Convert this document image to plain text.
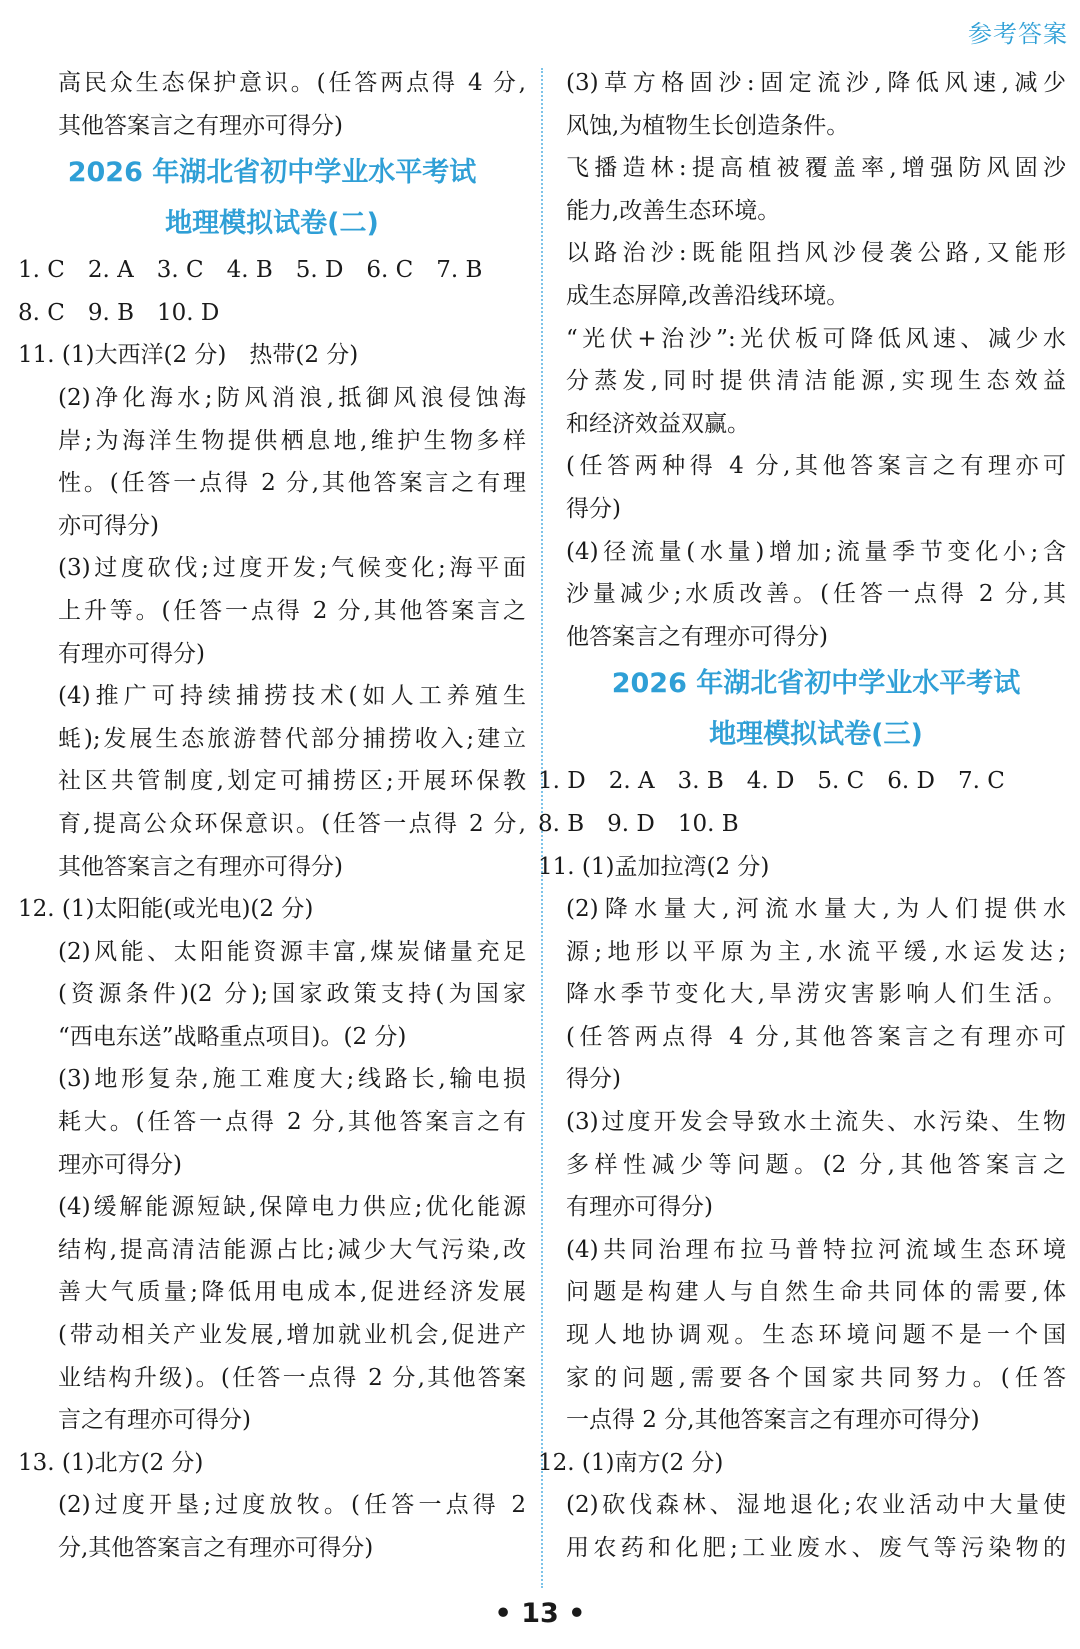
参考答案
高民众生态保护意识。(任答两点得 4 分,
其他答案言之有理亦可得分)
2026 年湖北省初中学业水平考试
地理模拟试卷(二)
1. C　2. A　3. C　4. B　5. D　6. C　7. B
8. C　9. B　10. D
11. (1)大西洋(2 分)　热带(2 分)
(2)净化海水;防风消浪,抵御风浪侵蚀海
岸;为海洋生物提供栖息地,维护生物多样
性。(任答一点得 2 分,其他答案言之有理
亦可得分)
(3)过度砍伐;过度开发;气候变化;海平面
上升等。(任答一点得 2 分,其他答案言之
有理亦可得分)
(4)推广可持续捕捞技术(如人工养殖生
蚝);发展生态旅游替代部分捕捞收入;建立
社区共管制度,划定可捕捞区;开展环保教
育,提高公众环保意识。(任答一点得 2 分,
其他答案言之有理亦可得分)
12. (1)太阳能(或光电)(2 分)
(2)风能、太阳能资源丰富,煤炭储量充足
(资源条件)(2 分);国家政策支持(为国家
“西电东送”战略重点项目)。(2 分)
(3)地形复杂,施工难度大;线路长,输电损
耗大。(任答一点得 2 分,其他答案言之有
理亦可得分)
(4)缓解能源短缺,保障电力供应;优化能源
结构,提高清洁能源占比;减少大气污染,改
善大气质量;降低用电成本,促进经济发展
(带动相关产业发展,增加就业机会,促进产
业结构升级)。(任答一点得 2 分,其他答案
言之有理亦可得分)
13. (1)北方(2 分)
(2)过度开垦;过度放牧。(任答一点得 2
分,其他答案言之有理亦可得分)
(3)草方格固沙:固定流沙,降低风速,减少
风蚀,为植物生长创造条件。
飞播造林:提高植被覆盖率,增强防风固沙
能力,改善生态环境。
以路治沙:既能阻挡风沙侵袭公路,又能形
成生态屏障,改善沿线环境。
“光伏+治沙”:光伏板可降低风速、减少水
分蒸发,同时提供清洁能源,实现生态效益
和经济效益双赢。
(任答两种得 4 分,其他答案言之有理亦可
得分)
(4)径流量(水量)增加;流量季节变化小;含
沙量减少;水质改善。(任答一点得 2 分,其
他答案言之有理亦可得分)
2026 年湖北省初中学业水平考试
地理模拟试卷(三)
1. D　2. A　3. B　4. D　5. C　6. D　7. C
8. B　9. D　10. B
11. (1)孟加拉湾(2 分)
(2)降水量大,河流水量大,为人们提供水
源;地形以平原为主,水流平缓,水运发达;
降水季节变化大,旱涝灾害影响人们生活。
(任答两点得 4 分,其他答案言之有理亦可
得分)
(3)过度开发会导致水土流失、水污染、生物
多样性减少等问题。(2 分,其他答案言之
有理亦可得分)
(4)共同治理布拉马普特拉河流域生态环境
问题是构建人与自然生命共同体的需要,体
现人地协调观。生态环境问题不是一个国
家的问题,需要各个国家共同努力。(任答
一点得 2 分,其他答案言之有理亦可得分)
12. (1)南方(2 分)
(2)砍伐森林、湿地退化;农业活动中大量使
用农药和化肥;工业废水、废气等污染物的
• 13 •
